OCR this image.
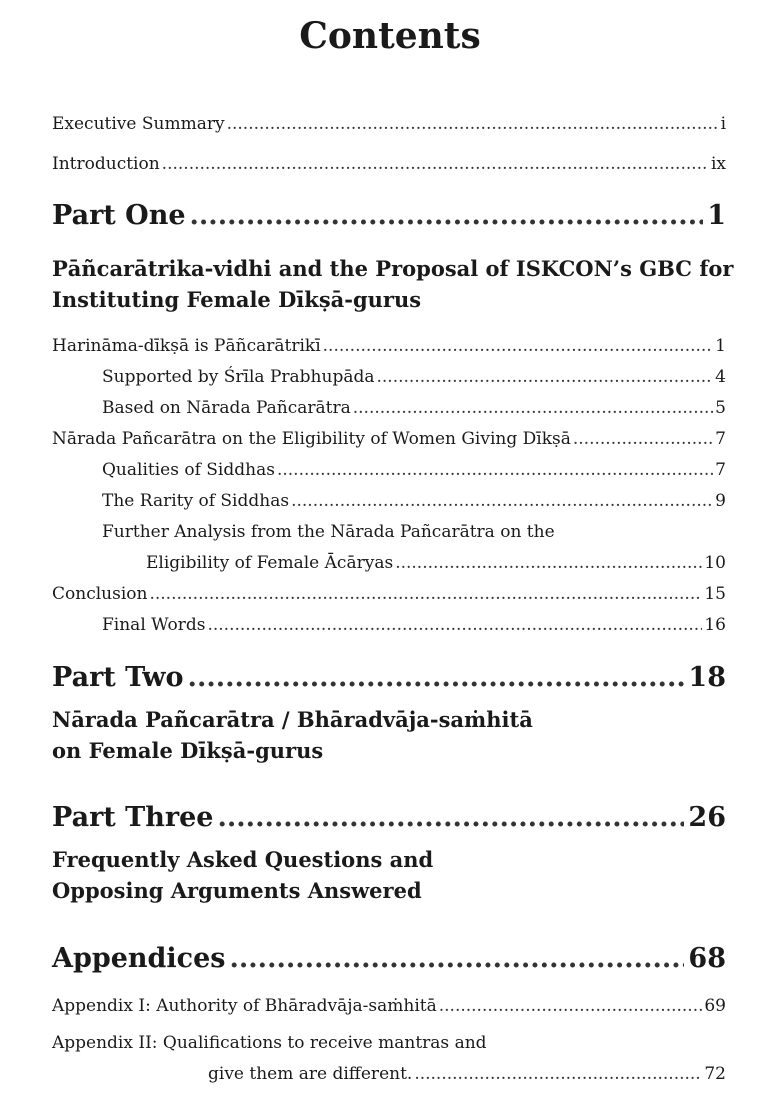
Contents
Executive Summary .....	i
Introduction .....	ix
Part One .....	1
Pāñcarātrika-vidhi and the Proposal of ISKCON’s GBC for
Instituting Female Dīkṣā-gurus
Harināma-dīkṣā is Pāñcarātrikī .....	1
Supported by Śrīla Prabhupāda .....	4
Based on Nārada Pañcarātra .....	5
Nārada Pañcarātra on the Eligibility of Women Giving Dīkṣā .....	7
Qualities of Siddhas .....	7
The Rarity of Siddhas .....	9
Further Analysis from the Nārada Pañcarātra on the
Eligibility of Female Ācāryas .....	10
Conclusion .....	15
Final Words .....	16
Part Two .....	18
Nārada Pañcarātra / Bhāradvāja-saṁhitā
on Female Dīkṣā-gurus
Part Three .....	26
Frequently Asked Questions and
Opposing Arguments Answered
Appendices .....	68
Appendix I: Authority of Bhāradvāja-saṁhitā .....	69
Appendix II: Qualifications to receive mantras and
give them are different. .....	72
